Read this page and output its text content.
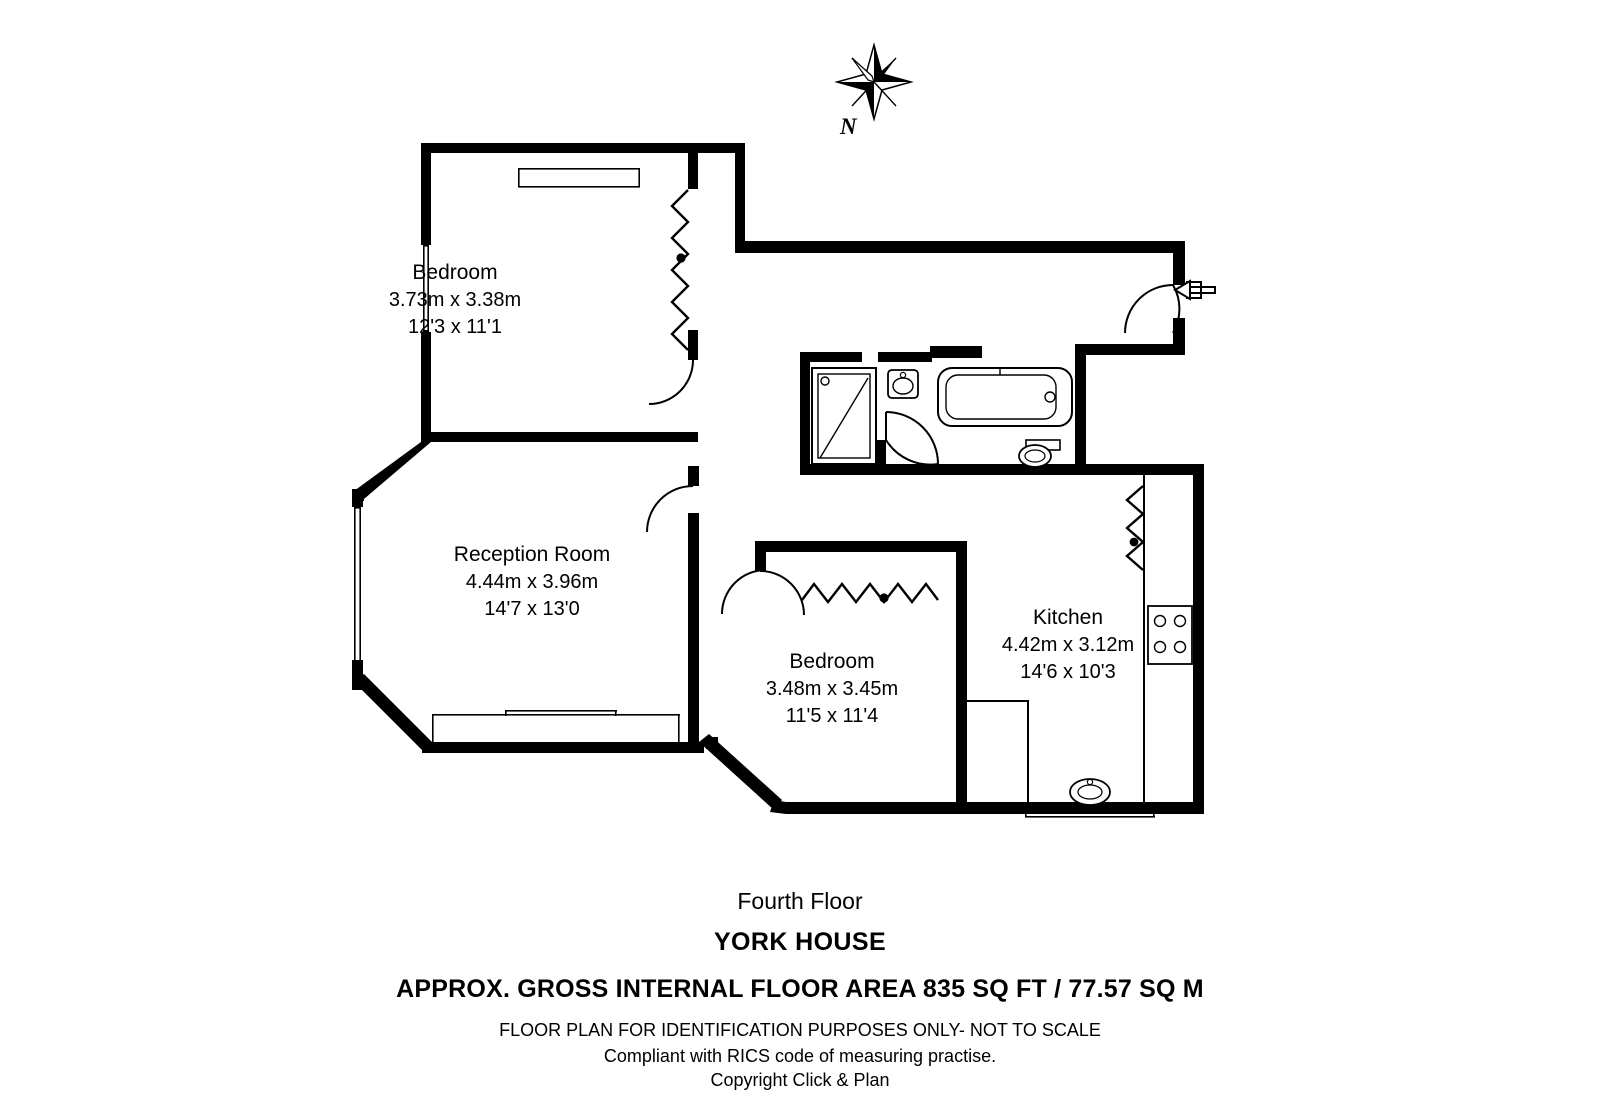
Bedroom
3.73m x 3.38m
12'3 x 11'1
Reception Room
4.44m x 3.96m
14'7 x 13'0
Bedroom
3.48m x 3.45m
11'5 x 11'4
Kitchen
4.42m x 3.12m
14'6 x 10'3
N
Fourth Floor
YORK HOUSE
APPROX. GROSS INTERNAL FLOOR AREA 835 SQ FT / 77.57 SQ M
FLOOR PLAN FOR IDENTIFICATION PURPOSES ONLY- NOT TO SCALE
Compliant with RICS code of measuring practise.
Copyright Click & Plan
